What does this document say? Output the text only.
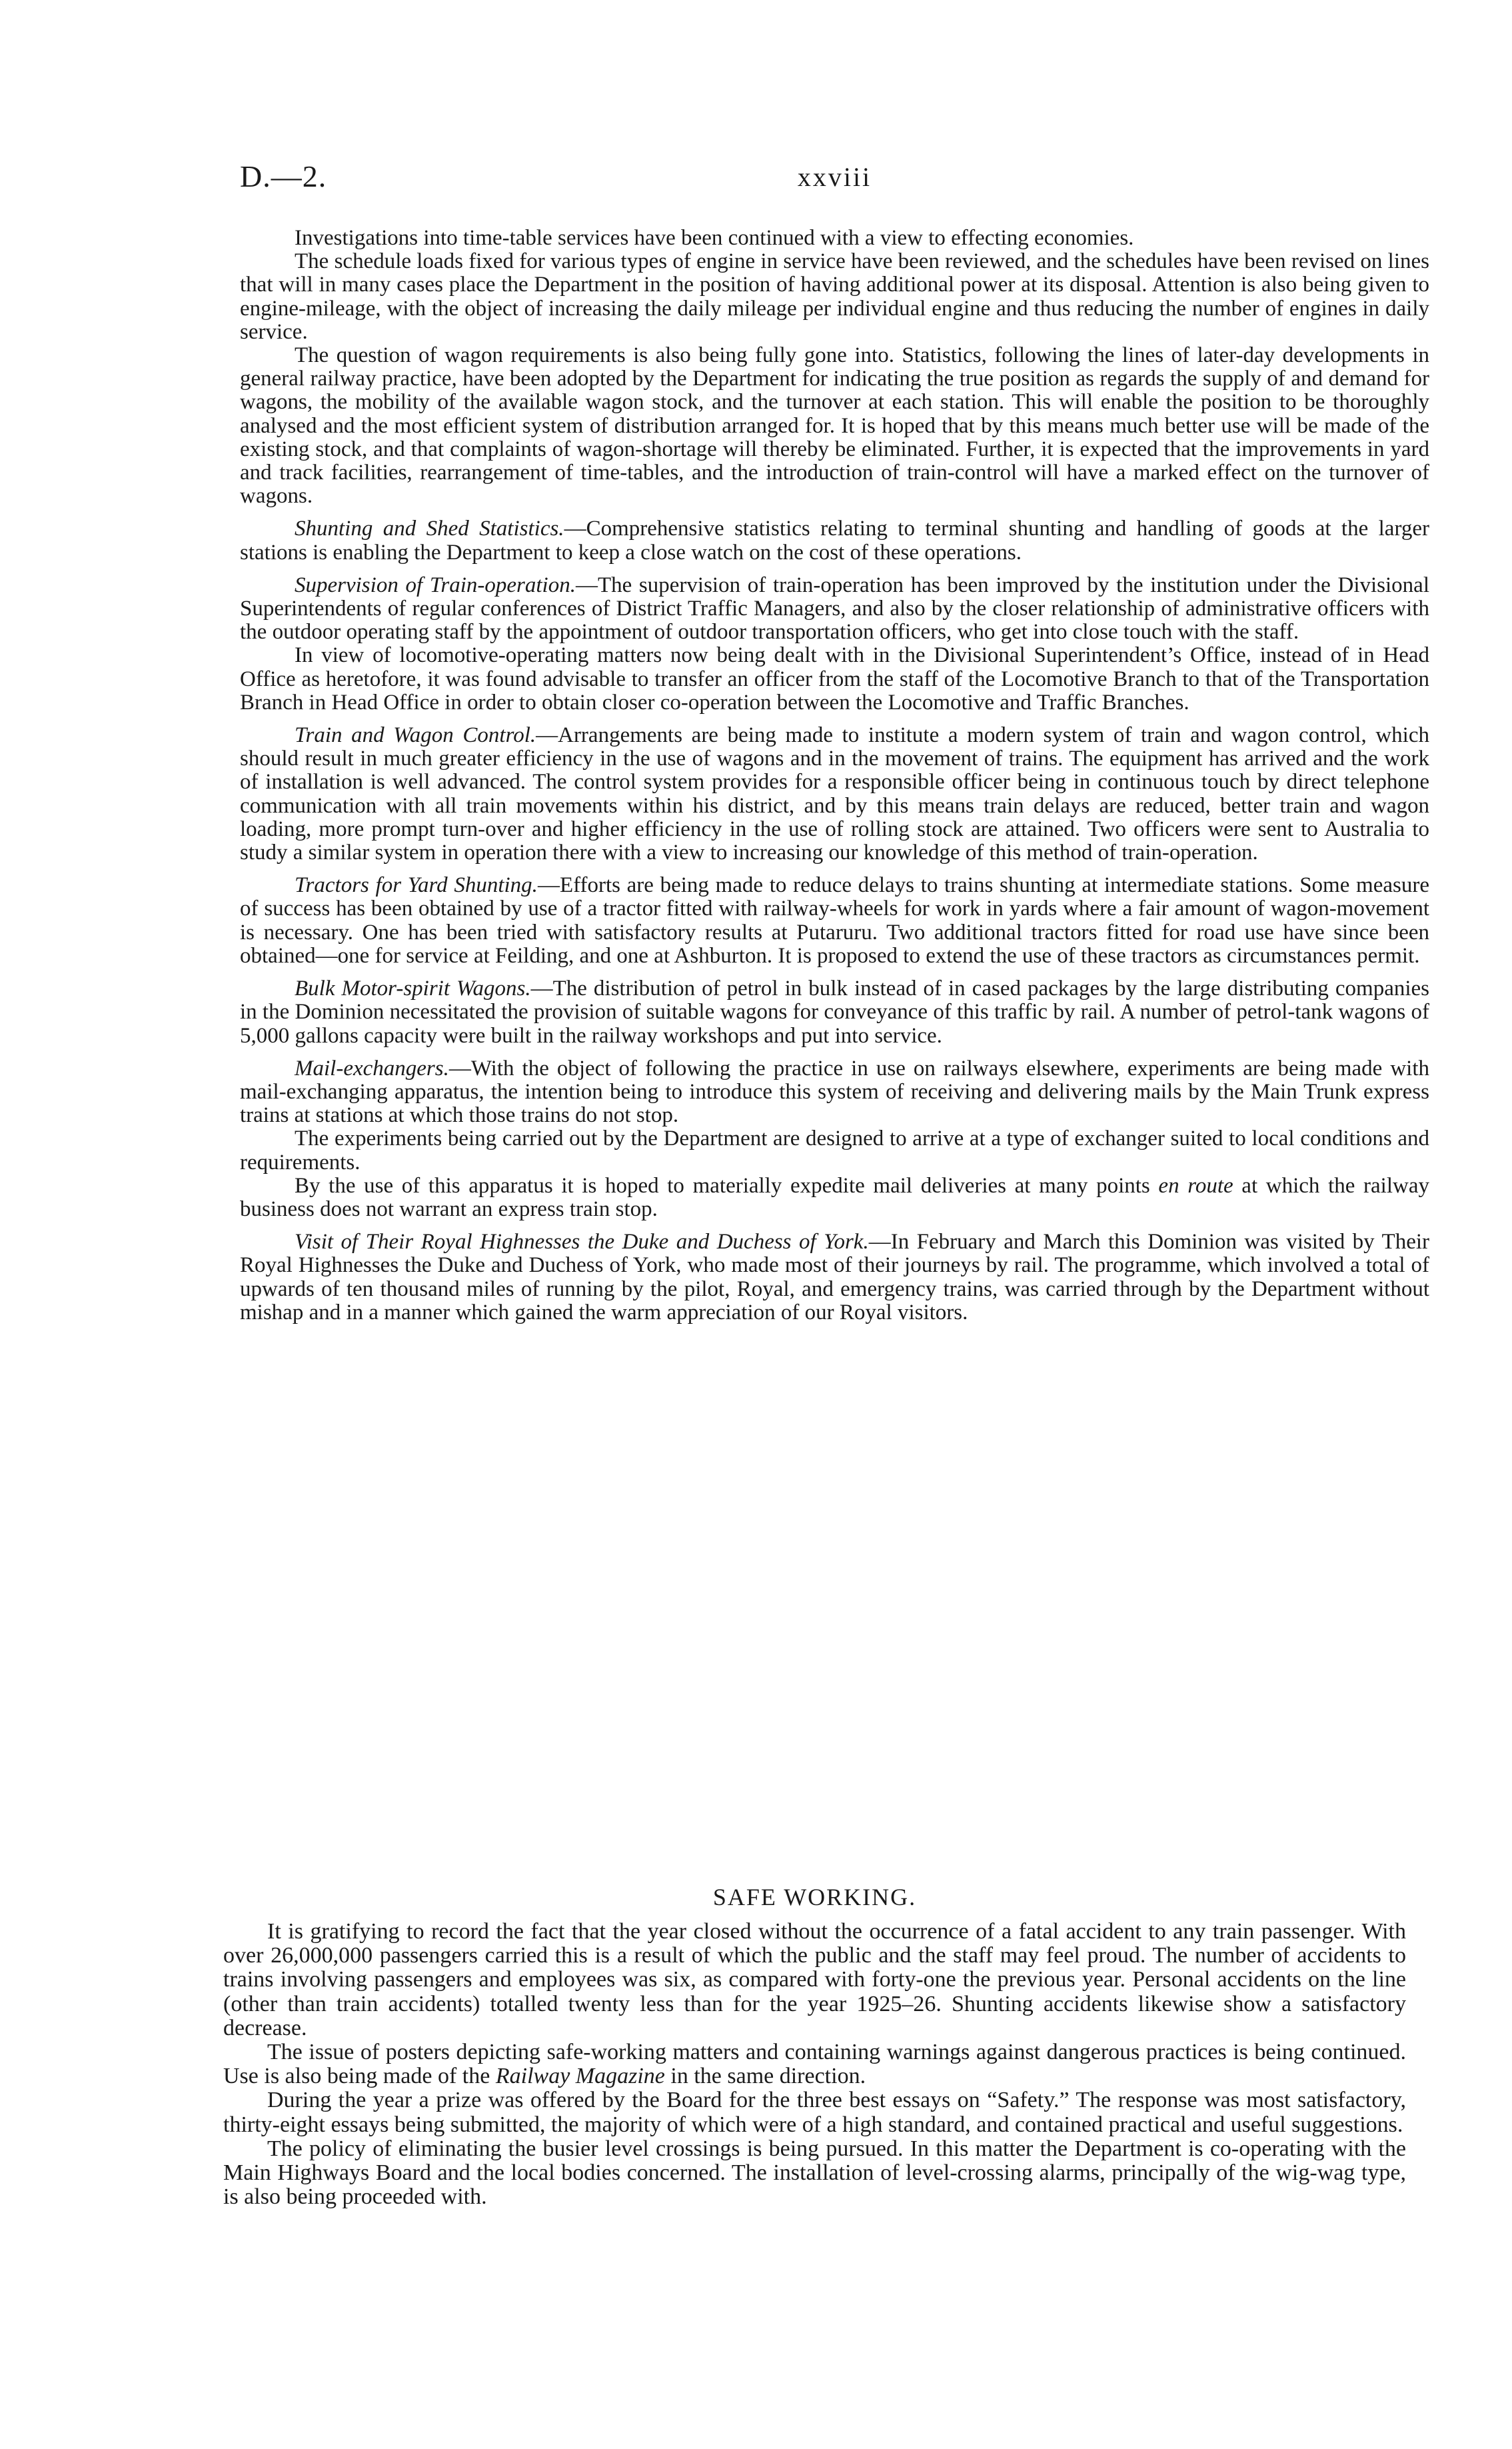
D.—2.	xxviii

Investigations into time-table services have been continued with a view to effecting economies.

The schedule loads fixed for various types of engine in service have been reviewed, and the schedules have been revised on lines that will in many cases place the Department in the position of having additional power at its disposal. Attention is also being given to engine-mileage, with the object of increasing the daily mileage per individual engine and thus reducing the number of engines in daily service.

The question of wagon requirements is also being fully gone into. Statistics, following the lines of later-day developments in general railway practice, have been adopted by the Department for indicating the true position as regards the supply of and demand for wagons, the mobility of the available wagon stock, and the turnover at each station. This will enable the position to be thoroughly analysed and the most efficient system of distribution arranged for. It is hoped that by this means much better use will be made of the existing stock, and that complaints of wagon-shortage will thereby be eliminated. Further, it is expected that the improvements in yard and track facilities, rearrangement of time-tables, and the introduction of train-control will have a marked effect on the turnover of wagons.

Shunting and Shed Statistics.—Comprehensive statistics relating to terminal shunting and handling of goods at the larger stations is enabling the Department to keep a close watch on the cost of these operations.

Supervision of Train-operation.—The supervision of train-operation has been improved by the institution under the Divisional Superintendents of regular conferences of District Traffic Managers, and also by the closer relationship of administrative officers with the outdoor operating staff by the appointment of outdoor transportation officers, who get into close touch with the staff.

In view of locomotive-operating matters now being dealt with in the Divisional Superintendent’s Office, instead of in Head Office as heretofore, it was found advisable to transfer an officer from the staff of the Locomotive Branch to that of the Transportation Branch in Head Office in order to obtain closer co-operation between the Locomotive and Traffic Branches.

Train and Wagon Control.—Arrangements are being made to institute a modern system of train and wagon control, which should result in much greater efficiency in the use of wagons and in the movement of trains. The equipment has arrived and the work of installation is well advanced. The control system provides for a responsible officer being in continuous touch by direct telephone communication with all train movements within his district, and by this means train delays are reduced, better train and wagon loading, more prompt turn-over and higher efficiency in the use of rolling stock are attained. Two officers were sent to Australia to study a similar system in operation there with a view to increasing our knowledge of this method of train-operation.

Tractors for Yard Shunting.—Efforts are being made to reduce delays to trains shunting at intermediate stations. Some measure of success has been obtained by use of a tractor fitted with railway-wheels for work in yards where a fair amount of wagon-movement is necessary. One has been tried with satisfactory results at Putaruru. Two additional tractors fitted for road use have since been obtained—one for service at Feilding, and one at Ashburton. It is proposed to extend the use of these tractors as circumstances permit.

Bulk Motor-spirit Wagons.—The distribution of petrol in bulk instead of in cased packages by the large distributing companies in the Dominion necessitated the provision of suitable wagons for conveyance of this traffic by rail. A number of petrol-tank wagons of 5,000 gallons capacity were built in the railway workshops and put into service.

Mail-exchangers.—With the object of following the practice in use on railways elsewhere, experiments are being made with mail-exchanging apparatus, the intention being to introduce this system of receiving and delivering mails by the Main Trunk express trains at stations at which those trains do not stop.

The experiments being carried out by the Department are designed to arrive at a type of exchanger suited to local conditions and requirements.

By the use of this apparatus it is hoped to materially expedite mail deliveries at many points en route at which the railway business does not warrant an express train stop.

Visit of Their Royal Highnesses the Duke and Duchess of York.—In February and March this Dominion was visited by Their Royal Highnesses the Duke and Duchess of York, who made most of their journeys by rail. The programme, which involved a total of upwards of ten thousand miles of running by the pilot, Royal, and emergency trains, was carried through by the Department without mishap and in a manner which gained the warm appreciation of our Royal visitors.

SAFE WORKING.

It is gratifying to record the fact that the year closed without the occurrence of a fatal accident to any train passenger. With over 26,000,000 passengers carried this is a result of which the public and the staff may feel proud. The number of accidents to trains involving passengers and employees was six, as compared with forty-one the previous year. Personal accidents on the line (other than train accidents) totalled twenty less than for the year 1925–26. Shunting accidents likewise show a satisfactory decrease.

The issue of posters depicting safe-working matters and containing warnings against dangerous practices is being continued. Use is also being made of the Railway Magazine in the same direction.

During the year a prize was offered by the Board for the three best essays on “Safety.” The response was most satisfactory, thirty-eight essays being submitted, the majority of which were of a high standard, and contained practical and useful suggestions.

The policy of eliminating the busier level crossings is being pursued. In this matter the Department is co-operating with the Main Highways Board and the local bodies concerned. The installation of level-crossing alarms, principally of the wig-wag type, is also being proceeded with.
